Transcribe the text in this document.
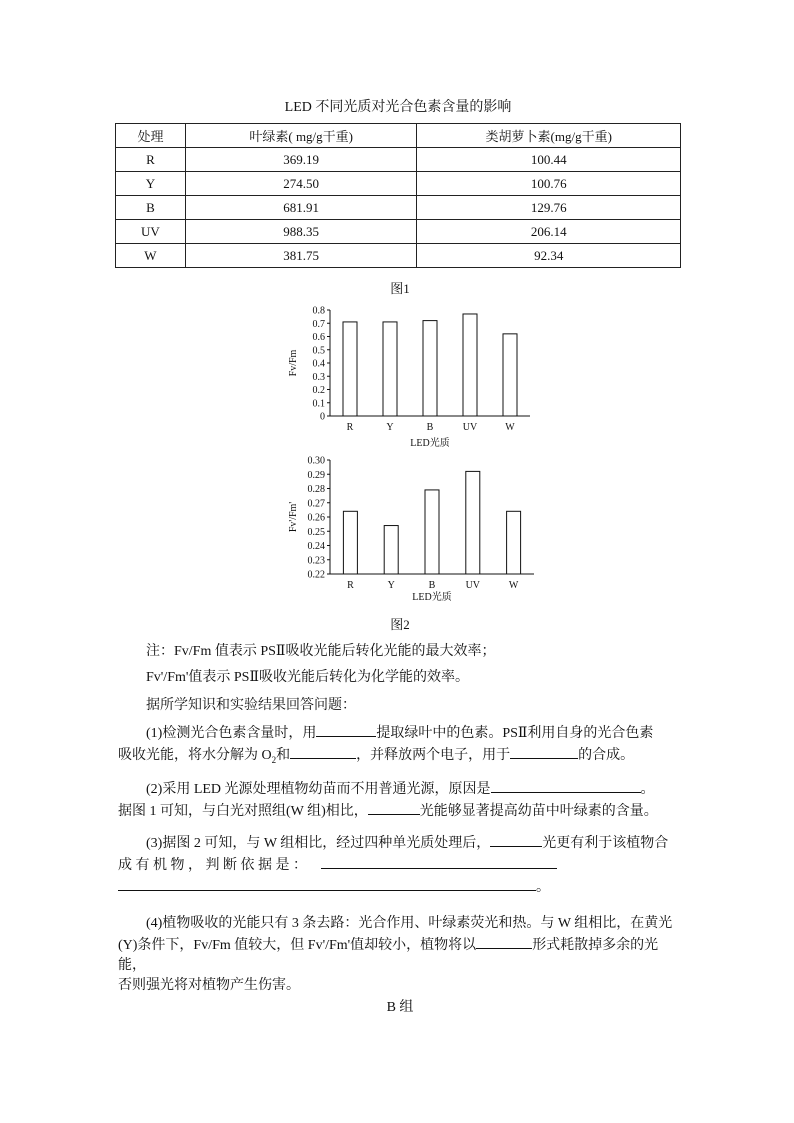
LED 不同光质对光合色素含量的影响
处理	叶绿素( mg/g干重)	类胡萝卜素(mg/g干重)
R	369.19	100.44
Y	274.50	100.76
B	681.91	129.76
UV	988.35	206.14
W	381.75	92.34
图1
0
0.1
0.2
0.3
0.4
0.5
0.6
0.7
0.8
R	Y	B	UV	W
LED光质
Fv/Fm
0.22
0.23
0.24
0.25
0.26
0.27
0.28
0.29
0.30
R	Y	B	UV	W
LED光质
Fv'/Fm'
图2
注：Fv/Fm 值表示 PSⅡ吸收光能后转化光能的最大效率；
Fv'/Fm'值表示 PSⅡ吸收光能后转化为化学能的效率。
据所学知识和实验结果回答问题：
(1)检测光合色素含量时，用	提取绿叶中的色素。PSⅡ利用自身的光合色素
吸收光能，将水分解为 $O_2$和	，并释放两个电子，用于	的合成。
(2)采用 LED 光源处理植物幼苗而不用普通光源，原因是	。
据图 1 可知，与白光对照组(W 组)相比，	光能够显著提高幼苗中叶绿素的含量。
(3)据图 2 可知，与 W 组相比，经过四种单光质处理后，	光更有利于该植物合
成 有 机 物 ， 判 断 依 据 是 ：
。
(4)植物吸收的光能只有 3 条去路：光合作用、叶绿素荧光和热。与 W 组相比，在黄光
(Y)条件下，Fv/Fm 值较大，但 Fv'/Fm'值却较小，植物将以	形式耗散掉多余的光能，
否则强光将对植物产生伤害。
B 组
